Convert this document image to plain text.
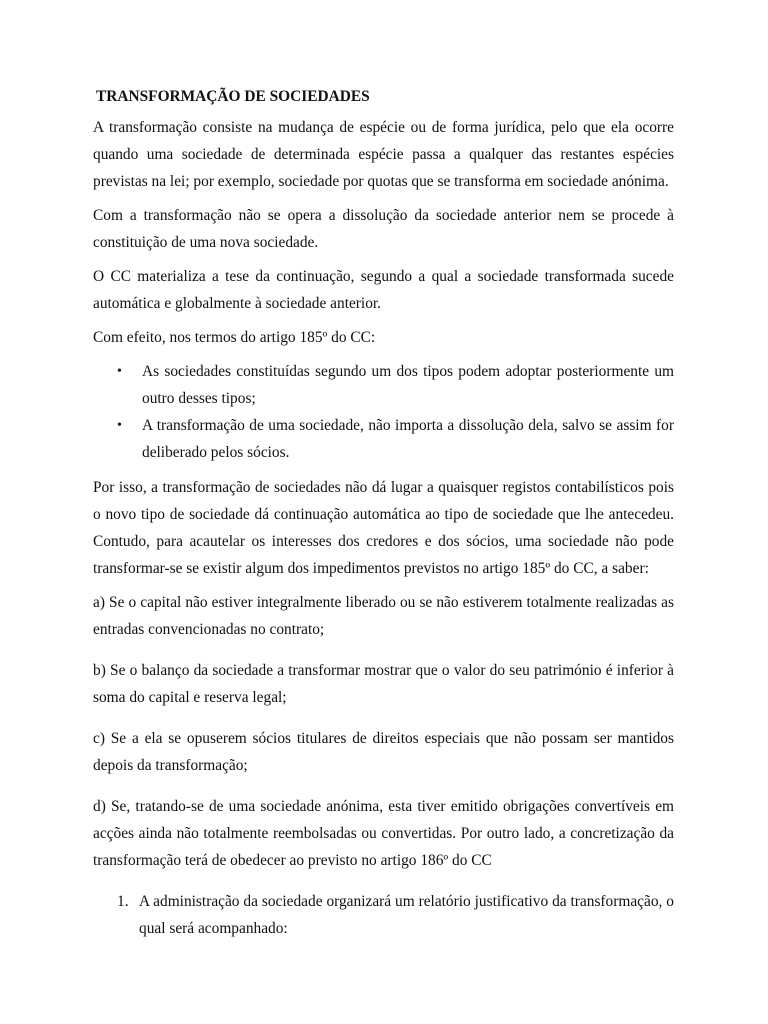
TRANSFORMAÇÃO DE SOCIEDADES

A transformação consiste na mudança de espécie ou de forma jurídica, pelo que ela ocorre quando uma sociedade de determinada espécie passa a qualquer das restantes espécies previstas na lei; por exemplo, sociedade por quotas que se transforma em sociedade anónima.

Com a transformação não se opera a dissolução da sociedade anterior nem se procede à constituição de uma nova sociedade.

O CC materializa a tese da continuação, segundo a qual a sociedade transformada sucede automática e globalmente à sociedade anterior.

Com efeito, nos termos do artigo 185º do CC:

• As sociedades constituídas segundo um dos tipos podem adoptar posteriormente um outro desses tipos;
• A transformação de uma sociedade, não importa a dissolução dela, salvo se assim for deliberado pelos sócios.

Por isso, a transformação de sociedades não dá lugar a quaisquer registos contabilísticos pois o novo tipo de sociedade dá continuação automática ao tipo de sociedade que lhe antecedeu. Contudo, para acautelar os interesses dos credores e dos sócios, uma sociedade não pode transformar-se se existir algum dos impedimentos previstos no artigo 185º do CC, a saber:

a) Se o capital não estiver integralmente liberado ou se não estiverem totalmente realizadas as entradas convencionadas no contrato;

b) Se o balanço da sociedade a transformar mostrar que o valor do seu património é inferior à soma do capital e reserva legal;

c) Se a ela se opuserem sócios titulares de direitos especiais que não possam ser mantidos depois da transformação;

d) Se, tratando-se de uma sociedade anónima, esta tiver emitido obrigações convertíveis em acções ainda não totalmente reembolsadas ou convertidas. Por outro lado, a concretização da transformação terá de obedecer ao previsto no artigo 186º do CC

1. A administração da sociedade organizará um relatório justificativo da transformação, o qual será acompanhado:
